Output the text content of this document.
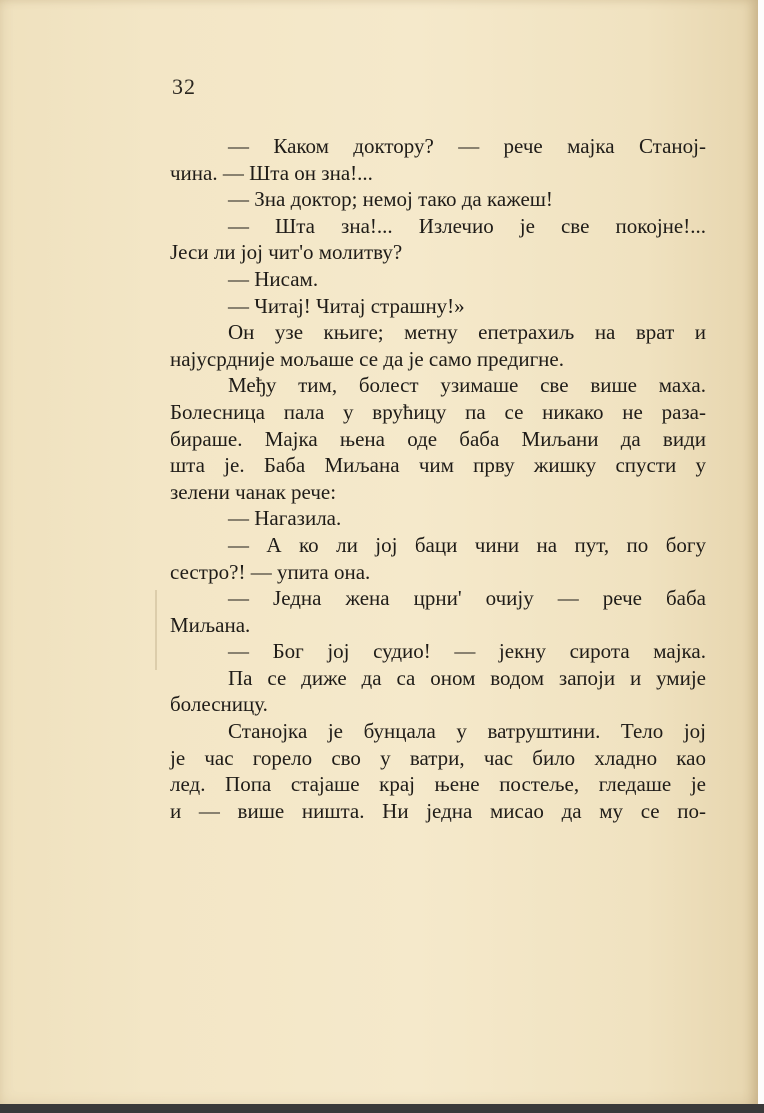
32
— Каком доктору? — рече мајка Станој-
чина. — Шта он зна!...
— Зна доктор; немој тако да кажеш!
— Шта зна!... Излечио је све покојне!...
Јеси ли јој чит'о молитву?
— Нисам.
— Читај! Читај страшну!»
Он узе књиге; метну епетрахиљ на врат и
најусрдније мољаше се да је само предигне.
Међу тим, болест узимаше све више маха.
Болесница пала у врућицу па се никако не раза-
бираше. Мајка њена оде баба Миљани да види
шта је. Баба Миљана чим прву жишку спусти у
зелени чанак рече:
— Нагазила.
— А ко ли јој баци чини на пут, по богу
сестро?! — упита она.
— Једна жена црни' очију — рече баба
Миљана.
— Бог јој судио! — јекну сирота мајка.
Па се диже да са оном водом запоји и умије
болесницу.
Станојка је бунцала у ватруштини. Тело јој
је час горело сво у ватри, час било хладно као
лед. Попа стајаше крај њене постеље, гледаше је
и — више ништа. Ни једна мисао да му се по-
